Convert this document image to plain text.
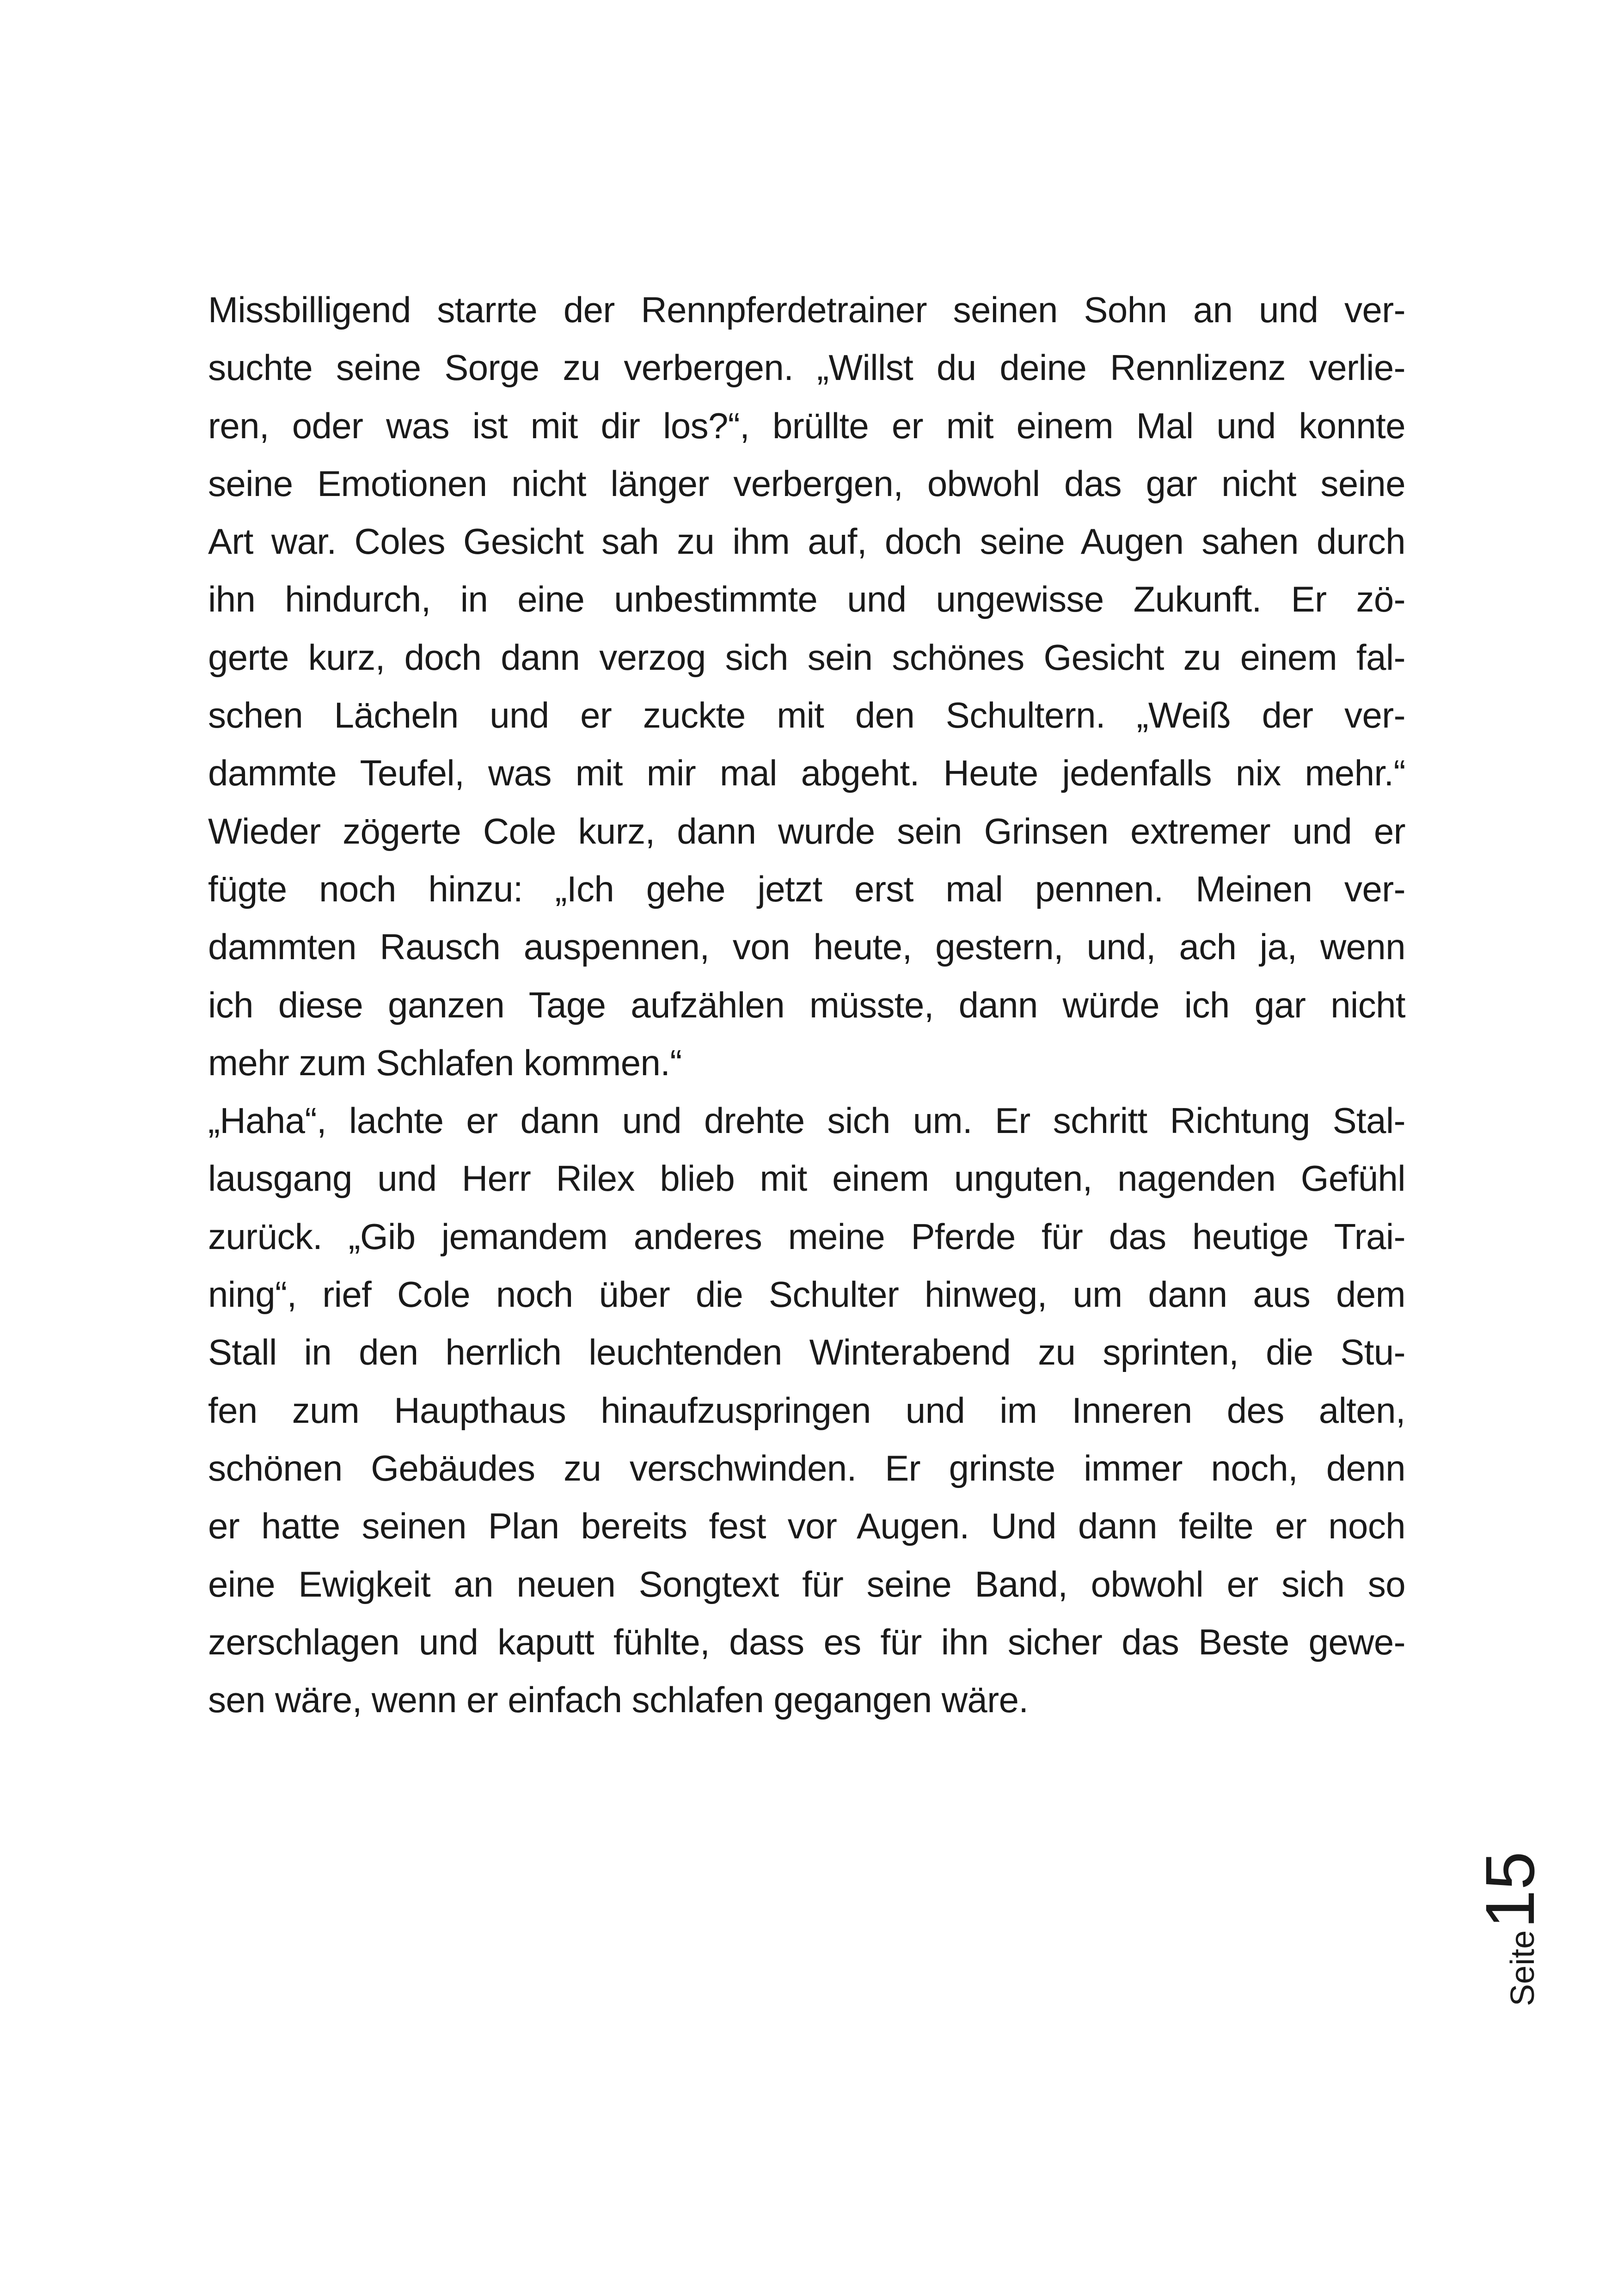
Missbilligend starrte der Rennpferdetrainer seinen Sohn an und ver-
suchte seine Sorge zu verbergen. „Willst du deine Rennlizenz verlie-
ren, oder was ist mit dir los?“, brüllte er mit einem Mal und konnte
seine Emotionen nicht länger verbergen, obwohl das gar nicht seine
Art war. Coles Gesicht sah zu ihm auf, doch seine Augen sahen durch
ihn hindurch, in eine unbestimmte und ungewisse Zukunft. Er zö-
gerte kurz, doch dann verzog sich sein schönes Gesicht zu einem fal-
schen Lächeln und er zuckte mit den Schultern. „Weiß der ver-
dammte Teufel, was mit mir mal abgeht. Heute jedenfalls nix mehr.“
Wieder zögerte Cole kurz, dann wurde sein Grinsen extremer und er
fügte noch hinzu: „Ich gehe jetzt erst mal pennen. Meinen ver-
dammten Rausch auspennen, von heute, gestern, und, ach ja, wenn
ich diese ganzen Tage aufzählen müsste, dann würde ich gar nicht
mehr zum Schlafen kommen.“
„Haha“, lachte er dann und drehte sich um. Er schritt Richtung Stal-
lausgang und Herr Rilex blieb mit einem unguten, nagenden Gefühl
zurück. „Gib jemandem anderes meine Pferde für das heutige Trai-
ning“, rief Cole noch über die Schulter hinweg, um dann aus dem
Stall in den herrlich leuchtenden Winterabend zu sprinten, die Stu-
fen zum Haupthaus hinaufzuspringen und im Inneren des alten,
schönen Gebäudes zu verschwinden. Er grinste immer noch, denn
er hatte seinen Plan bereits fest vor Augen. Und dann feilte er noch
eine Ewigkeit an neuen Songtext für seine Band, obwohl er sich so
zerschlagen und kaputt fühlte, dass es für ihn sicher das Beste gewe-
sen wäre, wenn er einfach schlafen gegangen wäre.
Seite15
